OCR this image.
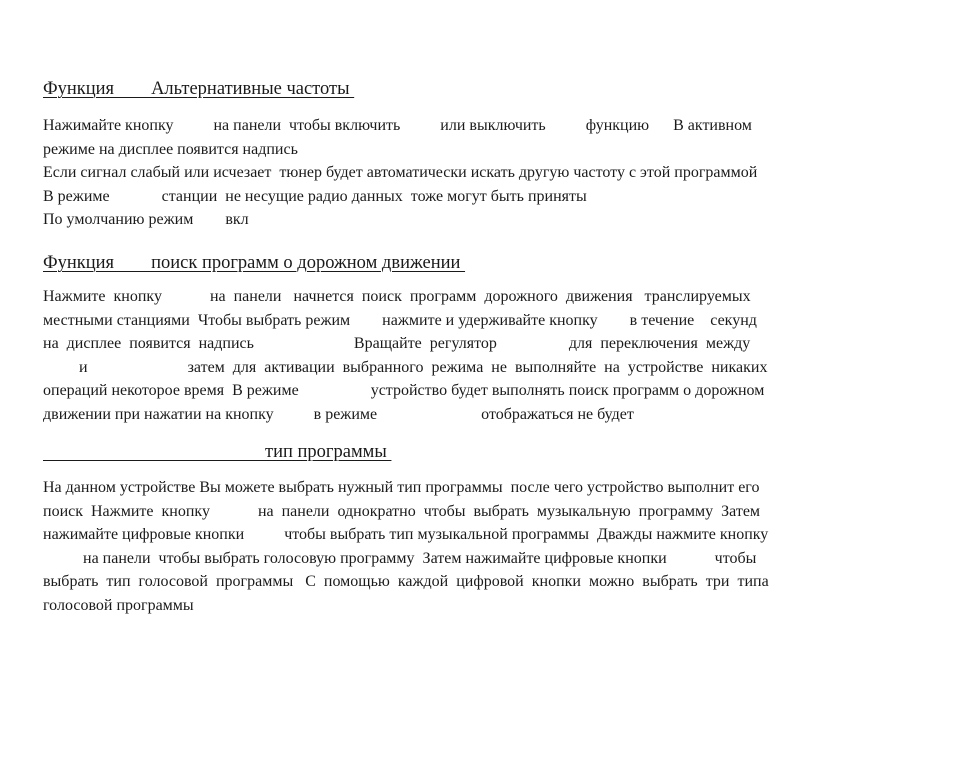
Функция        Альтернативные частоты
Нажимайте кнопку          на панели  чтобы включить          или выключить          функцию      В активном
режиме на дисплее появится надпись
Если сигнал слабый или исчезает  тюнер будет автоматически искать другую частоту с этой программой
В режиме             станции  не несущие радио данных  тоже могут быть приняты
По умолчанию режим        вкл
Функция        поиск программ о дорожном движении
Нажмите  кнопку            на  панели   начнется  поиск  программ  дорожного  движения   транслируемых
местными станциями  Чтобы выбрать режим        нажмите и удерживайте кнопку        в течение    секунд
на  дисплее  появится  надпись                         Вращайте  регулятор                  для  переключения  между
и                         затем  для  активации  выбранного  режима  не  выполняйте  на  устройстве  никаких
операций некоторое время  В режиме                  устройство будет выполнять поиск программ о дорожном
движении при нажатии на кнопку          в режиме                          отображаться не будет
тип программы
На данном устройстве Вы можете выбрать нужный тип программы  после чего устройство выполнит его
поиск  Нажмите  кнопку            на  панели  однократно  чтобы  выбрать  музыкальную  программу  Затем
нажимайте цифровые кнопки          чтобы выбрать тип музыкальной программы  Дважды нажмите кнопку
на панели  чтобы выбрать голосовую программу  Затем нажимайте цифровые кнопки            чтобы
выбрать  тип  голосовой  программы   С  помощью  каждой  цифровой  кнопки  можно  выбрать  три  типа
голосовой программы
